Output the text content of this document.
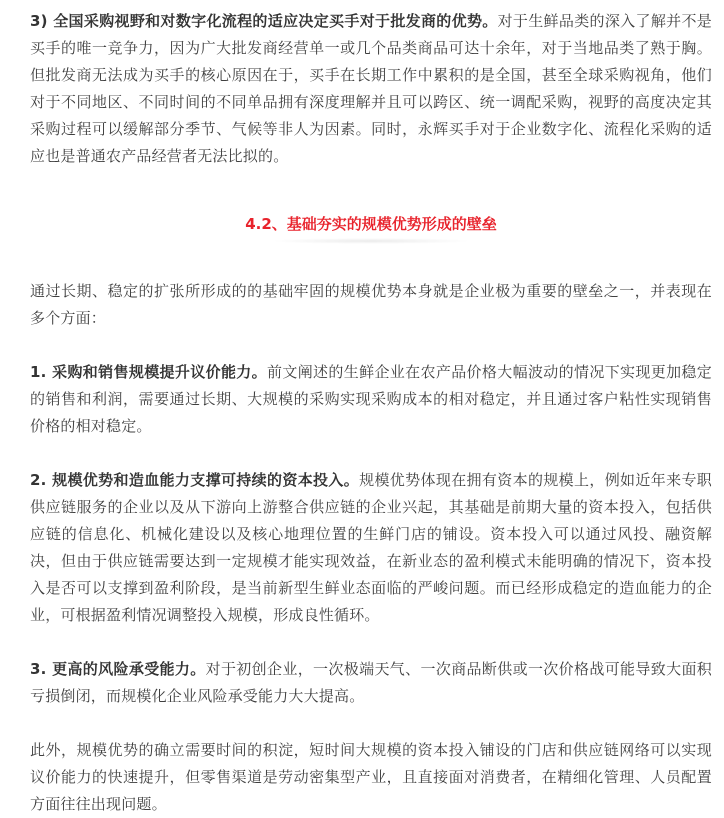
3) 全国采购视野和对数字化流程的适应决定买手对于批发商的优势。对于生鲜品类的深入了解并不是买手的唯一竞争力，因为广大批发商经营单一或几个品类商品可达十余年，对于当地品类了熟于胸。但批发商无法成为买手的核心原因在于，买手在长期工作中累积的是全国，甚至全球采购视角，他们对于不同地区、不同时间的不同单品拥有深度理解并且可以跨区、统一调配采购，视野的高度决定其采购过程可以缓解部分季节、气候等非人为因素。同时，永辉买手对于企业数字化、流程化采购的适应也是普通农产品经营者无法比拟的。

4.2、基础夯实的规模优势形成的壁垒

通过长期、稳定的扩张所形成的的基础牢固的规模优势本身就是企业极为重要的壁垒之一，并表现在多个方面：

1. 采购和销售规模提升议价能力。前文阐述的生鲜企业在农产品价格大幅波动的情况下实现更加稳定的销售和利润，需要通过长期、大规模的采购实现采购成本的相对稳定，并且通过客户粘性实现销售价格的相对稳定。

2. 规模优势和造血能力支撑可持续的资本投入。规模优势体现在拥有资本的规模上，例如近年来专职供应链服务的企业以及从下游向上游整合供应链的企业兴起，其基础是前期大量的资本投入，包括供应链的信息化、机械化建设以及核心地理位置的生鲜门店的铺设。资本投入可以通过风投、融资解决，但由于供应链需要达到一定规模才能实现效益，在新业态的盈利模式未能明确的情况下，资本投入是否可以支撑到盈利阶段，是当前新型生鲜业态面临的严峻问题。而已经形成稳定的造血能力的企业，可根据盈利情况调整投入规模，形成良性循环。

3. 更高的风险承受能力。对于初创企业，一次极端天气、一次商品断供或一次价格战可能导致大面积亏损倒闭，而规模化企业风险承受能力大大提高。

此外，规模优势的确立需要时间的积淀，短时间大规模的资本投入铺设的门店和供应链网络可以实现议价能力的快速提升，但零售渠道是劳动密集型产业，且直接面对消费者，在精细化管理、人员配置方面往往出现问题。
